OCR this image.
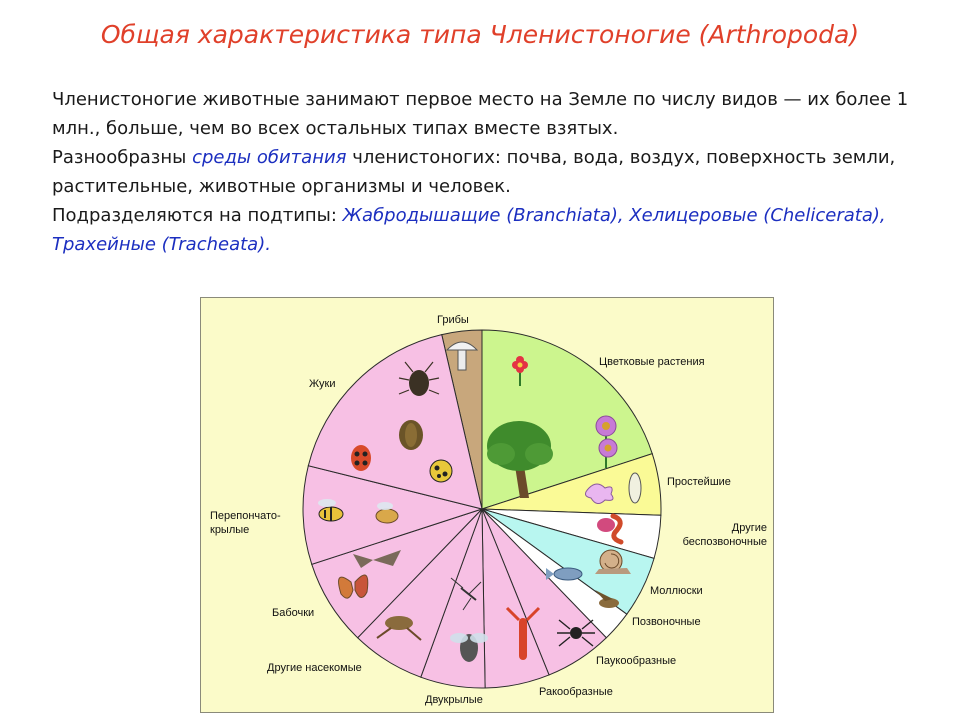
Общая характеристика типа Членистоногие (Arthropoda)

Членистоногие животные занимают первое место на Земле по числу видов — их более 1 млн., больше, чем во всех остальных типах вместе взятых.

Разнообразны среды обитания членистоногих: почва, вода, воздух, поверхность земли, растительные, животные организмы и человек.

Подразделяются на подтипы: Жабродышащие (Branchiata), Хелицеровые (Chelicerata), Трахейные (Tracheata).

Грибы
Цветковые растения
Простейшие
Другие
беспозвоночные
Моллюски
Позвоночные
Паукообразные
Ракообразные
Двукрылые
Другие насекомые
Бабочки
Перепончато-
крылые
Жуки
